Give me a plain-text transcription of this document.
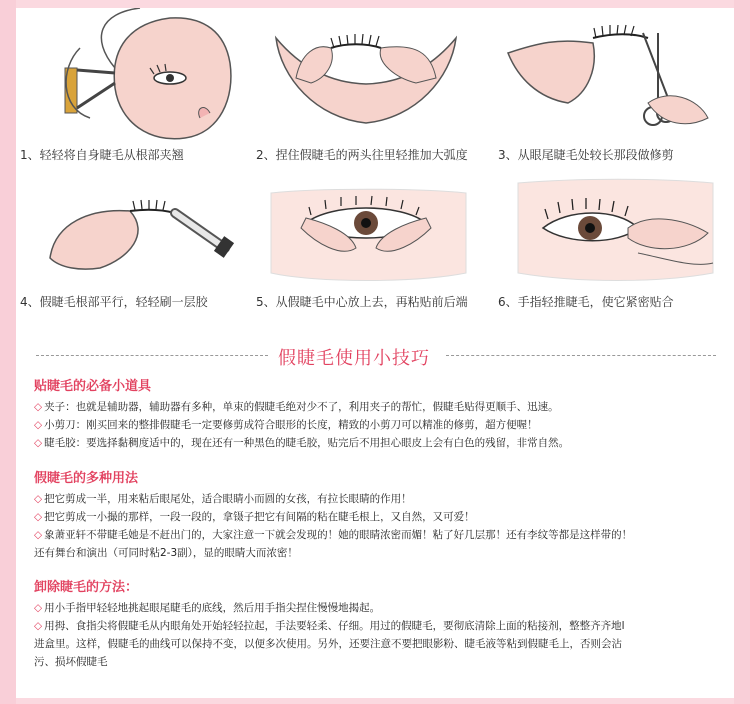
1、轻轻将自身睫毛从根部夹翘	2、捏住假睫毛的两头往里轻推加大弧度	3、从眼尾睫毛处较长那段做修剪
4、假睫毛根部平行，轻轻刷一层胶	5、从假睫毛中心放上去，再粘贴前后端	6、手指轻推睫毛，使它紧密贴合
假睫毛使用小技巧
贴睫毛的必备小道具
◇ 夹子：也就是辅助器，辅助器有多种，单束的假睫毛绝对少不了，利用夹子的帮忙，假睫毛贴得更顺手、迅速。
◇ 小剪刀：刚买回来的整排假睫毛一定要修剪成符合眼形的长度，精致的小剪刀可以精准的修剪，超方便喔！
◇ 睫毛胶：要选择黏稠度适中的，现在还有一种黑色的睫毛胶，贴完后不用担心眼皮上会有白色的残留，非常自然。
假睫毛的多种用法
◇ 把它剪成一半，用来粘后眼尾处，适合眼睛小而圆的女孩，有拉长眼睛的作用！
◇ 把它剪成一小撮的那样，一段一段的，拿镊子把它有间隔的粘在睫毛根上，又自然，又可爱！
◇ 象萧亚轩不带睫毛她是不赶出门的，大家注意一下就会发现的！她的眼睛浓密而媚！粘了好几层那！还有李纹等都是这样带的！
还有舞台和演出（可同时粘2-3副），显的眼睛大而浓密！
卸除睫毛的方法：
◇ 用小手指甲轻轻地挑起眼尾睫毛的底线，然后用手指尖捏住慢慢地揭起。
◇ 用拇、食指尖将假睫毛从内眼角处开始轻轻拉起，手法要轻柔、仔细。用过的假睫毛，要彻底清除上面的粘接剂，整整齐齐地l
进盒里。这样，假睫毛的曲线可以保持不变，以便多次使用。另外，还要注意不要把眼影粉、睫毛液等粘到假睫毛上，否则会沾
污、损坏假睫毛
